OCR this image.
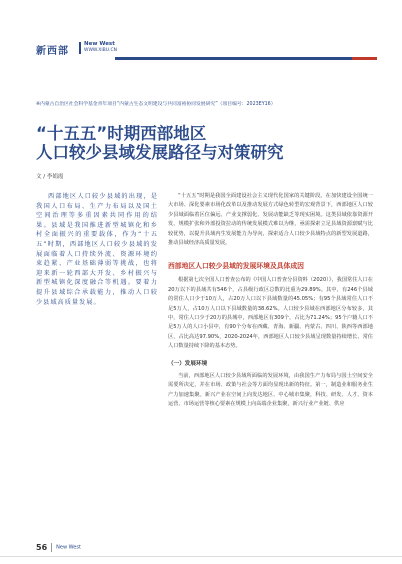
新西部
New West
WWW.XIBU.CN
※内蒙古自治区社会科学基金青年项目“内蒙古生态文明建设与共同富裕协同发展研究”（项目编号：2023EY16）
“十五五”时期西部地区
人口较少县域发展路径与对策研究
文 / 李娟霞

西部地区人口较少县域的出现，是我国人口布局、生产力布局以及国土空间治理等多重因素共同作用的结果。县域是我国推进新型城镇化和乡村全面振兴的重要载体，作为“十五五”时期，西部地区人口较少县域的发展面临着人口持续外流、资源环境约束趋紧、产业基础薄弱等挑战，也将迎来新一轮西部大开发、乡村振兴与新型城镇化深度融合等机遇。要着力提升县域综合承载能力，推动人口较少县域高质量发展。

“十五五”时期是我国全面建设社会主义现代化国家的关键阶段。在加快建设全国统一大市场、深化要素市场化改革以及推动发展方式绿色转型的宏观背景下，西部地区人口较少县域面临着区位偏远、产业支撑弱化、发展动能缺乏等现实困境。这类县域依靠资源开发、规模扩张和外部投资拉动的传统发展模式难以为继，亟需探索立足县域资源禀赋与比较优势，以提升县域内生发展能力为导向，探索适合人口较少县域特点的新型发展道路，推动县域经济高质量发展。

西部地区人口较少县域的发展环境及具体成因

根据第七次全国人口普查公布的《中国人口普查分县资料（2020）》，我国常住人口在20万以下的县域共有546个，占县级行政区总数的比重为29.89%。其中，有246个县域的常住人口少于10万人，占20万人口以下县域数量的45.05%；有95个县域常住人口不足5万人，占10万人口以下县域数量的38.62%。人口较少县域在西部地区分布较多，其中，常住人口少于20万的县城中，西部地区有309个，占比为71.24%；95个户籍人口不足5万人的人口小县中，有90个分布在西藏、青海、新疆、内蒙古、四川、陕西等西部地区，占比高达97.90%，2020-2024年，西部地区人口较少县域呈现数量持续增长、常住人口数量持续下降的基本态势。

（一）发展环境

当前，西部地区人口较少县域所面临的发展环境，由我国生产力布局与国土空间安全需要所决定，并在市场、政策与社会等方面均显现出新的特征。第一，制造业和服务业生产力加速集聚。新兴产业在空间上向发达地区、中心城市集聚，科技、研发、人才、资本运营、市场运营等核心要素在规模上向高端企业集聚，新兴行业产业链、供应

56 New West
